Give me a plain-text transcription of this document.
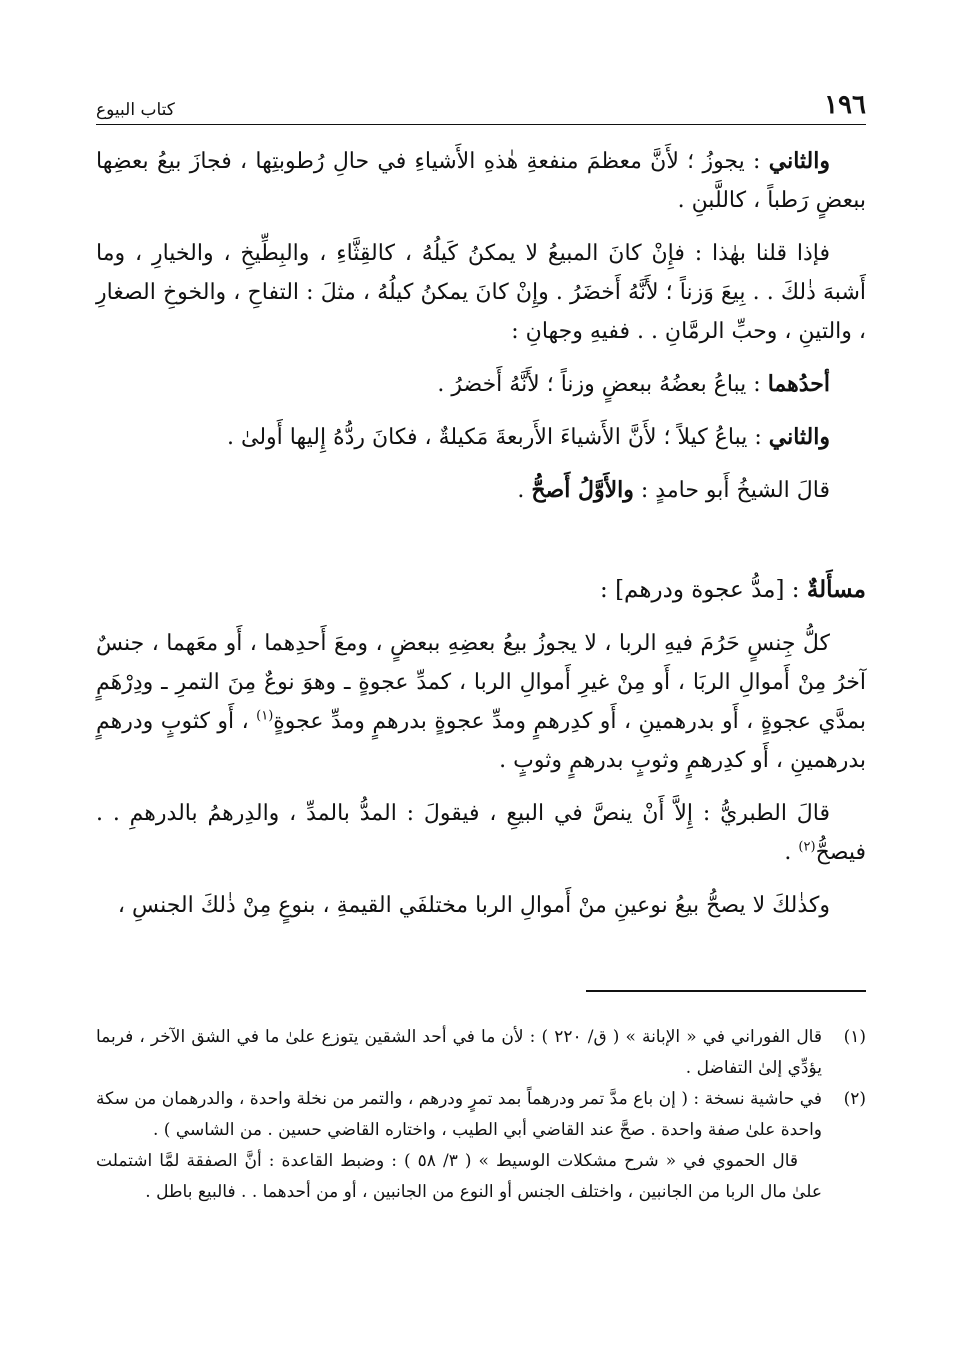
١٩٦
كتاب البيوع

والثاني : يجوزُ ؛ لأَنَّ معظمَ منفعةِ هٰذهِ الأَشياءِ في حالِ رُطوبتِها ، فجازَ بيعُ بعضِها ببعضٍ رَطباً ، كاللَّبنِ .

فإذا قلنا بهٰذا : فإِنْ كانَ المبيعُ لا يمكنُ كَيلُهُ ، كالقِثَّاءِ ، والبِطِّيخِ ، والخيارِ ، وما أَشبهَ ذٰلكَ . . بِيعَ وَزناً ؛ لأَنَّهُ أَخضَرُ . وإِنْ كانَ يمكنُ كيلُهُ ، مثلَ : التفاحِ ، والخوخِ الصغارِ ، والتينِ ، وحبِّ الرمَّانِ . . ففيهِ وجهانِ :

أحدُهما : يباعُ بعضُهُ ببعضٍ وزناً ؛ لأَنَّهُ أَخضرُ .

والثاني : يباعُ كيلاً ؛ لأَنَّ الأَشياءَ الأَربعةَ مَكيلةٌ ، فكانَ ردُّهُ إِليها أَولىٰ .

قالَ الشيخُ أَبو حامدٍ : والأَوَّلُ أَصحُّ .

مسأَلةٌ : [مدُّ عجوة ودرهم] :

كلُّ جِنسٍ حَرُمَ فيهِ الربا ، لا يجوزُ بيعُ بعضِهِ ببعضٍ ، ومعَ أَحدِهما ، أَو معَهما ، جنسٌ آخرُ مِنْ أَموالِ الربَا ، أَو مِنْ غيرِ أَموالِ الربا ، كمدِّ عجوةٍ ـ وهوَ نوعٌ مِنَ التمرِ ـ ودِرْهَمٍ بمدَّي عجوةٍ ، أَو بدرهمينِ ، أَو كدِرهمٍ ومدِّ عجوةٍ بدرهمٍ ومدِّ عجوةٍ$^{(١)}$ ، أَو كثوبٍ ودرهمٍ بدرهمينِ ، أَو كدِرهمٍ وثوبٍ بدرهمٍ وثوبٍ .

قالَ الطبريُّ : إِلاَّ أَنْ ينصَّ في البيعِ ، فيقولَ : المدُّ بالمدِّ ، والدِرهمُ بالدرهمِ . . فيصحُّ$^{(٢)}$ .

وكذٰلكَ لا يصحُّ بيعُ نوعينِ منْ أَموالِ الربا مختلفَي القيمةِ ، بنوعٍ مِنْ ذٰلكَ الجنسِ ،

(١)
قال الفوراني في « الإبانة » ( ق/ ٢٢٠ ) : لأن ما في أحد الشقين يتوزع علىٰ ما في الشق الآخر ، فربما يؤدِّي إلىٰ التفاضل .
(٢)
في حاشية نسخة : ( إن باع مدَّ تمر ودرهماً بمد تمرٍ ودرهم ، والتمر من نخلة واحدة ، والدرهمان من سكة واحدة علىٰ صفة واحدة . صحَّ عند القاضي أبي الطيب ، واختاره القاضي حسين . من الشاسي ) .
قال الحموي في « شرح مشكلات الوسيط » ( ٣/ ٥٨ ) : وضبط القاعدة : أنَّ الصفقة لمَّا اشتملت علىٰ مال الربا من الجانبين ، واختلف الجنس أو النوع من الجانبين ، أو من أحدهما . . فالبيع باطل .
